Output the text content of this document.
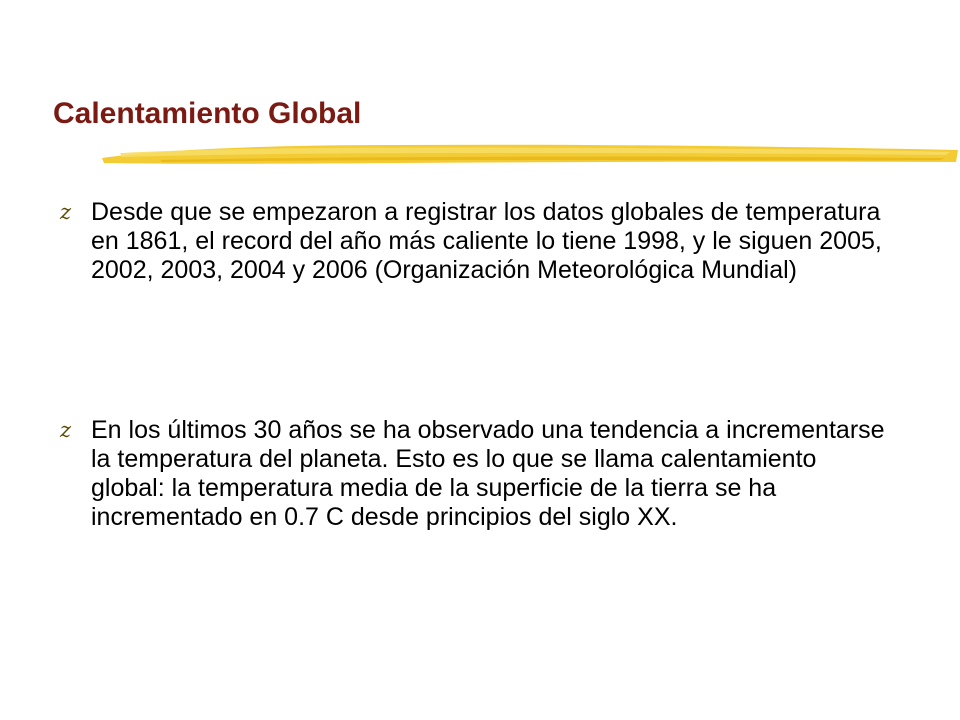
Calentamiento Global
z Desde que se empezaron a registrar los datos globales de temperatura en 1861, el record del año más caliente lo tiene 1998, y le siguen 2005, 2002, 2003, 2004 y 2006 (Organización Meteorológica Mundial)
z En los últimos 30 años se ha observado una tendencia a incrementarse la temperatura del planeta. Esto es lo que se llama calentamiento global: la temperatura media de la superficie de la tierra se ha incrementado en 0.7 C desde principios del siglo XX.
